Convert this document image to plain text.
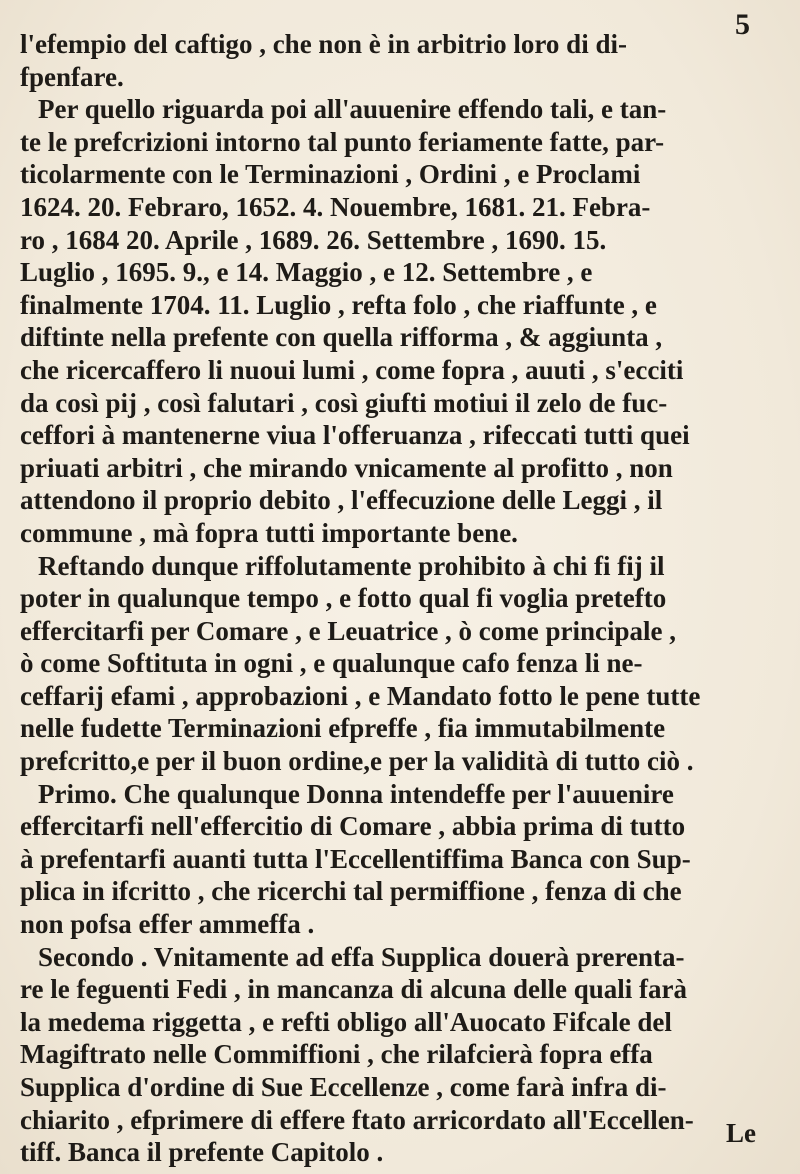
5
l'efempio del caftigo , che non è in arbitrio loro di di-
fpenfare.
Per quello riguarda poi all'auuenire effendo tali, e tan-
te le prefcrizioni intorno tal punto feriamente fatte, par-
ticolarmente con le Terminazioni , Ordini , e Proclami
1624. 20. Febraro, 1652. 4. Nouembre, 1681. 21. Febra-
ro , 1684 20. Aprile , 1689. 26. Settembre , 1690. 15.
Luglio , 1695. 9., e 14. Maggio , e 12. Settembre , e
finalmente 1704. 11. Luglio , refta folo , che riaffunte , e
diftinte nella prefente con quella rifforma , & aggiunta ,
che ricercaffero li nuoui lumi , come fopra , auuti , s'ecciti
da così pij , così falutari , così giufti motiui il zelo de fuc-
ceffori à mantenerne viua l'offeruanza , rifeccati tutti quei
priuati arbitri , che mirando vnicamente al profitto , non
attendono il proprio debito , l'effecuzione delle Leggi , il
commune , mà fopra tutti importante bene.
Reftando dunque riffolutamente prohibito à chi fi fij il
poter in qualunque tempo , e fotto qual fi voglia pretefto
effercitarfi per Comare , e Leuatrice , ò come principale ,
ò come Softituta in ogni , e qualunque cafo fenza li ne-
ceffarij efami , approbazioni , e Mandato fotto le pene tutte
nelle fudette Terminazioni efpreffe , fia immutabilmente
prefcritto,e per il buon ordine,e per la validità di tutto ciò .
Primo. Che qualunque Donna intendeffe per l'auuenire
effercitarfi nell'effercitio di Comare , abbia prima di tutto
à prefentarfi auanti tutta l'Eccellentiffima Banca con Sup-
plica in ifcritto , che ricerchi tal permiffione , fenza di che
non pofsa effer ammeffa .
Secondo . Vnitamente ad effa Supplica douerà prerenta-
re le feguenti Fedi , in mancanza di alcuna delle quali farà
la medema riggetta , e refti obligo all'Auocato Fifcale del
Magiftrato nelle Commiffioni , che rilafcierà fopra effa
Supplica d'ordine di Sue Eccellenze , come farà infra di-
chiarito , efprimere di effere ftato arricordato all'Eccellen-
tiff. Banca il prefente Capitolo .
Le
